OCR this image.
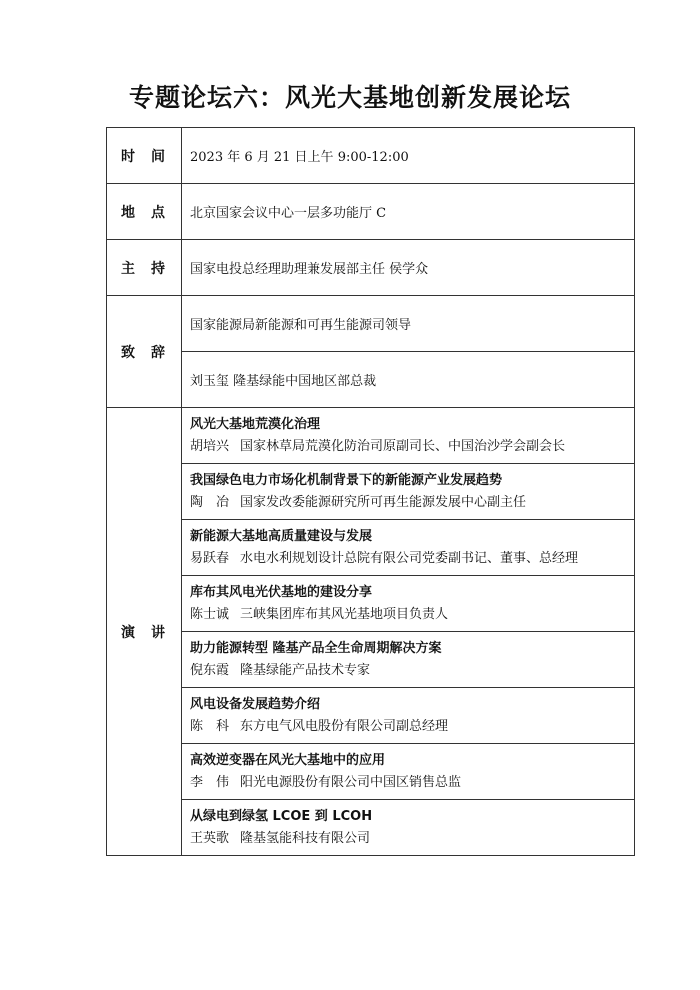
专题论坛六：风光大基地创新发展论坛
时 间	2023 年 6 月 21 日上午 9:00-12:00
地 点	北京国家会议中心一层多功能厅 C
主 持	国家电投总经理助理兼发展部主任 侯学众
致 辞	国家能源局新能源和可再生能源司领导
	刘玉玺 隆基绿能中国地区部总裁
演 讲	风光大基地荒漠化治理
胡培兴 国家林草局荒漠化防治司原副司长、中国治沙学会副会长

	我国绿色电力市场化机制背景下的新能源产业发展趋势
陶　冶 国家发改委能源研究所可再生能源发展中心副主任

	新能源大基地高质量建设与发展
易跃春 水电水利规划设计总院有限公司党委副书记、董事、总经理

	库布其风电光伏基地的建设分享
陈士诚 三峡集团库布其风光基地项目负责人

	助力能源转型 隆基产品全生命周期解决方案
倪东霞 隆基绿能产品技术专家

	风电设备发展趋势介绍
陈　科 东方电气风电股份有限公司副总经理

	高效逆变器在风光大基地中的应用
李　伟 阳光电源股份有限公司中国区销售总监

	从绿电到绿氢 LCOE 到 LCOH
王英歌 隆基氢能科技有限公司
